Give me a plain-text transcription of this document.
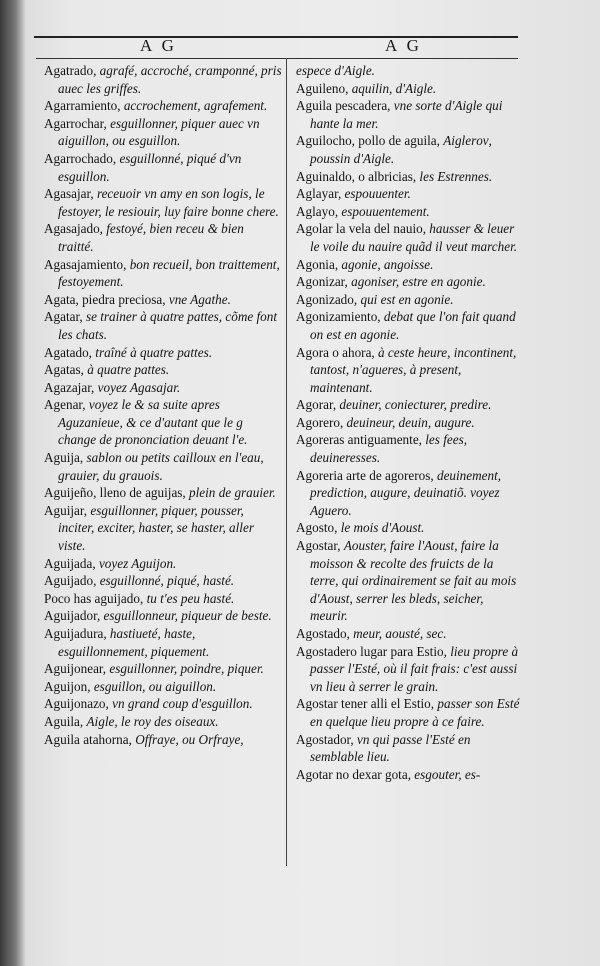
A G	A G

Agatrado, agrafé, accroché, cramponné, pris auec les griffes.

Agarramiento, accrochement, agrafement.

Agarrochar, esguillonner, piquer auec vn aiguillon, ou esguillon.

Agarrochado, esguillonné, piqué d'vn esguillon.

Agasajar, receuoir vn amy en son logis, le festoyer, le resiouir, luy faire bonne chere.

Agasajado, festoyé, bien receu & bien traitté.

Agasajamiento, bon recueil, bon traittement, festoyement.

Agata, piedra preciosa, vne Agathe.

Agatar, se trainer à quatre pattes, cõme font les chats.

Agatado, traîné à quatre pattes.

Agatas, à quatre pattes.

Agazajar, voyez Agasajar.

Agenar, voyez le & sa suite apres Aguzanieue, & ce d'autant que le g change de prononciation deuant l'e.

Aguija, sablon ou petits cailloux en l'eau, grauier, du grauois.

Aguijeño, lleno de aguijas, plein de grauier.

Aguijar, esguillonner, piquer, pousser, inciter, exciter, haster, se haster, aller viste.

Aguijada, voyez Aguijon.

Aguijado, esguillonné, piqué, hasté.

Poco has aguijado, tu t'es peu hasté.

Aguijador, esguillonneur, piqueur de beste.

Aguijadura, hastiueté, haste, esguillonnement, piquement.

Aguijonear, esguillonner, poindre, piquer.

Aguijon, esguillon, ou aiguillon.

Aguijonazo, vn grand coup d'esguillon.

Aguila, Aigle, le roy des oiseaux.

Aguila atahorna, Offraye, ou Orfraye,

espece d'Aigle.

Aguileno, aquilin, d'Aigle.

Aguila pescadera, vne sorte d'Aigle qui hante la mer.

Aguilocho, pollo de aguila, Aiglerον, poussin d'Aigle.

Aguinaldo, o albricias, les Estrennes.

Aglayar, espouuenter.

Aglayo, espouuentement.

Agolar la vela del nauio, hausser & leuer le voile du nauire quãd il veut marcher.

Agonia, agonie, angoisse.

Agonizar, agoniser, estre en agonie.

Agonizado, qui est en agonie.

Agonizamiento, debat que l'on fait quand on est en agonie.

Agora o ahora, à ceste heure, incontinent, tantost, n'agueres, à present, maintenant.

Agorar, deuiner, coniecturer, predire.

Agorero, deuineur, deuin, augure.

Agoreras antiguamente, les fees, deuineresses.

Agoreria arte de agoreros, deuinement, prediction, augure, deuinatiõ. voyez Aguero.

Agosto, le mois d'Aoust.

Agostar, Aouster, faire l'Aoust, faire la moisson & recolte des fruicts de la terre, qui ordinairement se fait au mois d'Aoust, serrer les bleds, seicher, meurir.

Agostado, meur, aousté, sec.

Agostadero lugar para Estio, lieu propre à passer l'Esté, où il fait frais: c'est aussi vn lieu à serrer le grain.

Agostar tener alli el Estio, passer son Esté en quelque lieu propre à ce faire.

Agostador, vn qui passe l'Esté en semblable lieu.

Agotar no dexar gota, esgouter, es-
